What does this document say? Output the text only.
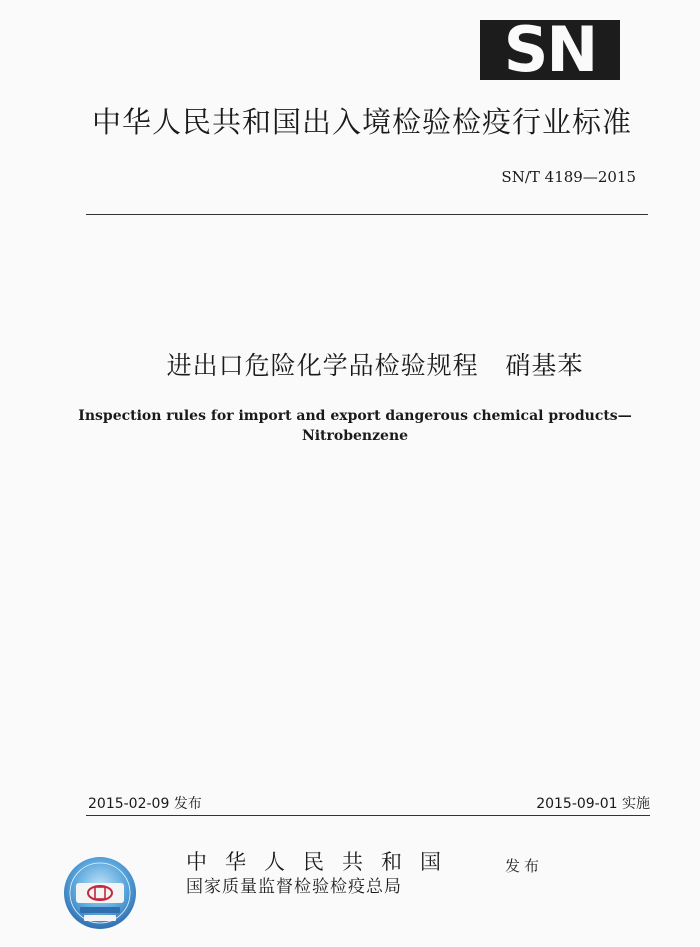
SN
中华人民共和国出入境检验检疫行业标准
SN/T 4189—2015
进出口危险化学品检验规程   硝基苯
Inspection rules for import and export dangerous chemical products—
Nitrobenzene
2015-02-09 发布	2015-09-01 实施
中华人民共和国
国家质量监督检验检疫总局
发布
